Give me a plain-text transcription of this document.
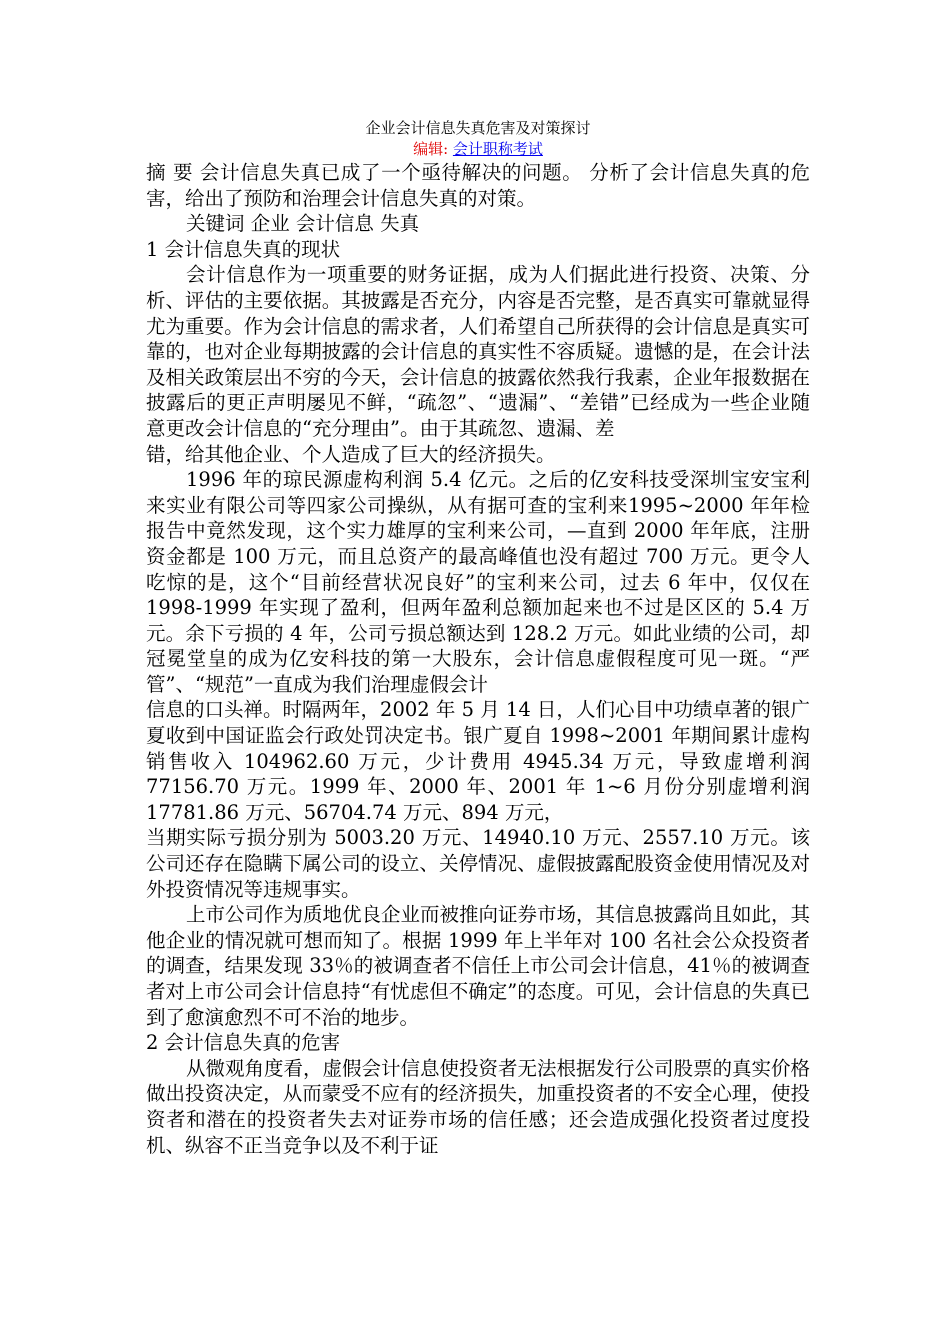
企业会计信息失真危害及对策探讨

编辑: 会计职称考试

摘 要 会计信息失真已成了一个亟待解决的问题。 分析了会计信息失真的危害，给出了预防和治理会计信息失真的对策。

关键词 企业 会计信息 失真

1 会计信息失真的现状

会计信息作为一项重要的财务证据，成为人们据此进行投资、决策、分析、评估的主要依据。其披露是否充分，内容是否完整，是否真实可靠就显得尤为重要。作为会计信息的需求者，人们希望自己所获得的会计信息是真实可靠的，也对企业每期披露的会计信息的真实性不容质疑。遗憾的是，在会计法及相关政策层出不穷的今天，会计信息的披露依然我行我素，企业年报数据在披露后的更正声明屡见不鲜，“疏忽”、“遗漏”、“差错”已经成为一些企业随意更改会计信息的“充分理由”。由于其疏忽、遗漏、差

错，给其他企业、个人造成了巨大的经济损失。

1996 年的琼民源虚构利润 5.4 亿元。之后的亿安科技受深圳宝安宝利来实业有限公司等四家公司操纵，从有据可查的宝利来1995~2000 年年检报告中竟然发现，这个实力雄厚的宝利来公司，—直到 2000 年年底，注册资金都是 100 万元，而且总资产的最高峰值也没有超过 700 万元。更令人吃惊的是，这个“目前经营状况良好”的宝利来公司，过去 6 年中，仅仅在 1998-1999 年实现了盈利，但两年盈利总额加起来也不过是区区的 5.4 万元。余下亏损的 4 年，公司亏损总额达到 128.2 万元。如此业绩的公司，却冠冕堂皇的成为亿安科技的第一大股东，会计信息虚假程度可见一斑。“严管”、“规范”一直成为我们治理虚假会计

信息的口头禅。时隔两年，2002 年 5 月 14 日，人们心目中功绩卓著的银广夏收到中国证监会行政处罚决定书。银广夏自 1998~2001 年期间累计虚构销售收入 104962.60 万元，少计费用 4945.34 万元，导致虚增利润 77156.70 万元。1999 年、2000 年、2001 年 1~6 月份分别虚增利润 17781.86 万元、56704.74 万元、894 万元，

当期实际亏损分别为 5003.20 万元、14940.10 万元、2557.10 万元。该公司还存在隐瞒下属公司的设立、关停情况、虚假披露配股资金使用情况及对外投资情况等违规事实。

上市公司作为质地优良企业而被推向证券市场，其信息披露尚且如此，其他企业的情况就可想而知了。根据 1999 年上半年对 100 名社会公众投资者的调查，结果发现 33％的被调查者不信任上市公司会计信息，41％的被调查者对上市公司会计信息持“有忧虑但不确定”的态度。可见，会计信息的失真已到了愈演愈烈不可不治的地步。

2 会计信息失真的危害

从微观角度看，虚假会计信息使投资者无法根据发行公司股票的真实价格做出投资决定，从而蒙受不应有的经济损失，加重投资者的不安全心理，使投资者和潜在的投资者失去对证券市场的信任感；还会造成强化投资者过度投机、纵容不正当竞争以及不利于证
